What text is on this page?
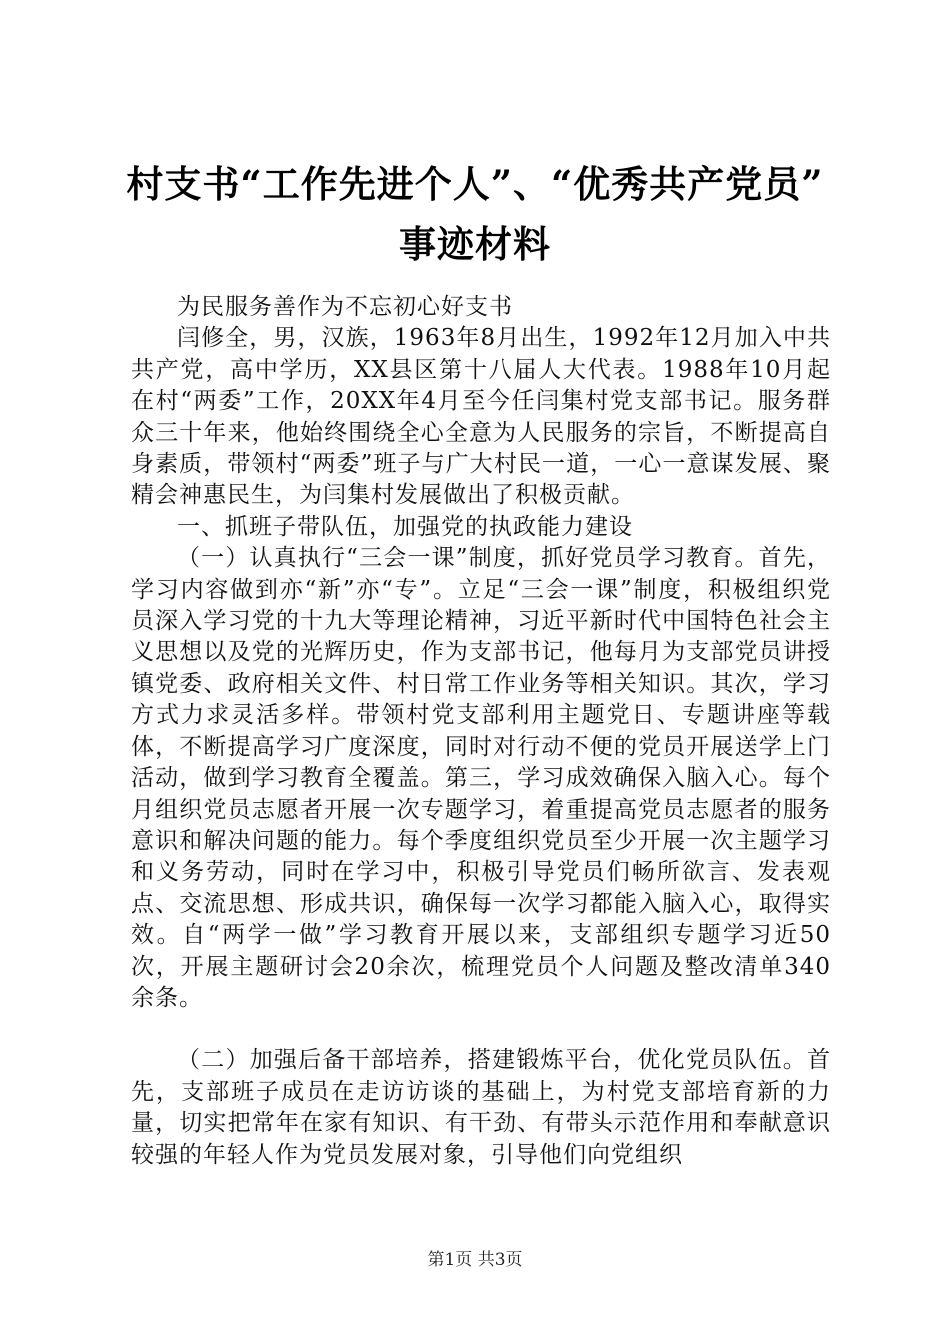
村支书“工作先进个人”、“优秀共产党员”
事迹材料

为民服务善作为不忘初心好支书

闫修全，男，汉族，1963年8月出生，1992年12月加入中共共产党，高中学历，XX县区第十八届人大代表。1988年10月起在村“两委”工作，20XX年4月至今任闫集村党支部书记。服务群众三十年来，他始终围绕全心全意为人民服务的宗旨，不断提高自身素质，带领村“两委”班子与广大村民一道，一心一意谋发展、聚精会神惠民生，为闫集村发展做出了积极贡献。

一、抓班子带队伍，加强党的执政能力建设

（一）认真执行“三会一课”制度，抓好党员学习教育。首先，学习内容做到亦“新”亦“专”。立足“三会一课”制度，积极组织党员深入学习党的十九大等理论精神，习近平新时代中国特色社会主义思想以及党的光辉历史，作为支部书记，他每月为支部党员讲授镇党委、政府相关文件、村日常工作业务等相关知识。其次，学习方式力求灵活多样。带领村党支部利用主题党日、专题讲座等载体，不断提高学习广度深度，同时对行动不便的党员开展送学上门活动，做到学习教育全覆盖。第三，学习成效确保入脑入心。每个月组织党员志愿者开展一次专题学习，着重提高党员志愿者的服务意识和解决问题的能力。每个季度组织党员至少开展一次主题学习和义务劳动，同时在学习中，积极引导党员们畅所欲言、发表观点、交流思想、形成共识，确保每一次学习都能入脑入心，取得实效。自“两学一做”学习教育开展以来，支部组织专题学习近50次，开展主题研讨会20余次，梳理党员个人问题及整改清单340余条。

（二）加强后备干部培养，搭建锻炼平台，优化党员队伍。首先，支部班子成员在走访访谈的基础上，为村党支部培育新的力量，切实把常年在家有知识、有干劲、有带头示范作用和奉献意识较强的年轻人作为党员发展对象，引导他们向党组织

第1页 共3页
